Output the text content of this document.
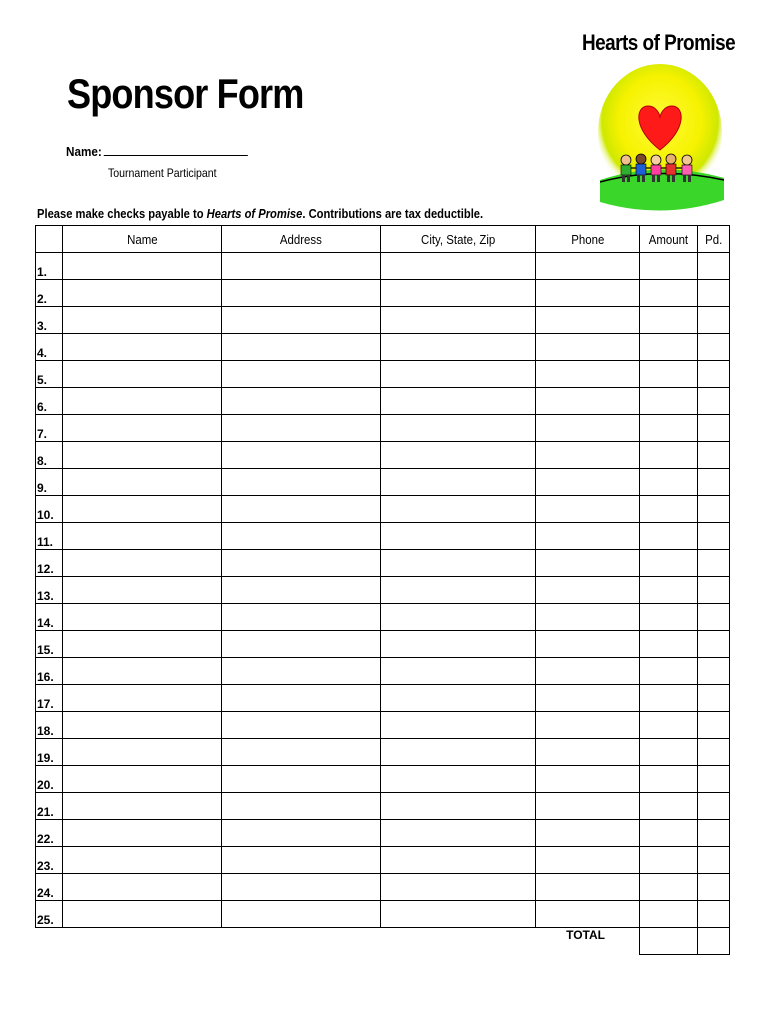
Hearts of Promise
Sponsor Form
Name:
Tournament Participant
Please make checks payable to Hearts of Promise. Contributions are tax deductible.
	Name	Address	City, State, Zip	Phone	Amount	Pd.
1.						
2.						
3.						
4.						
5.						
6.						
7.						
8.						
9.						
10.						
11.						
12.						
13.						
14.						
15.						
16.						
17.						
18.						
19.						
20.						
21.						
22.						
23.						
24.						
25.						
TOTAL						
